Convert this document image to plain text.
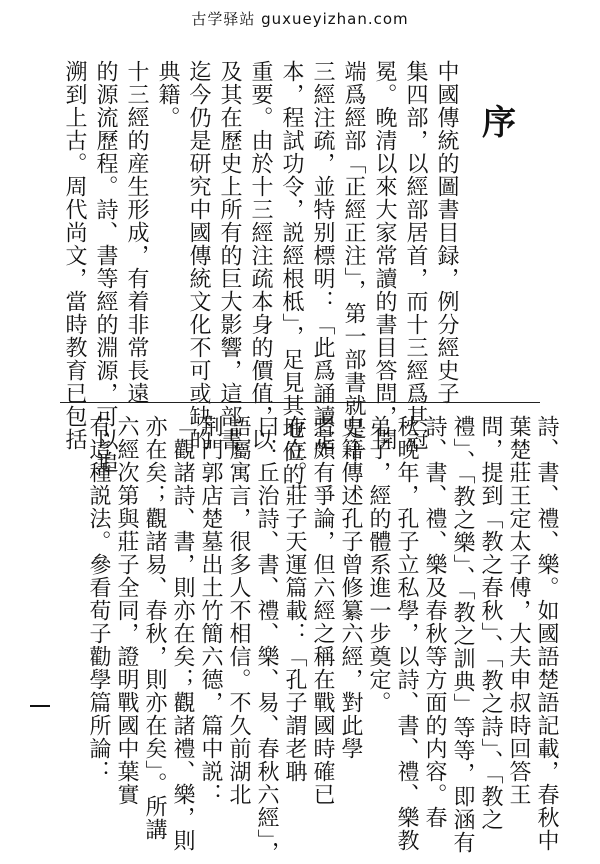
古学驿站 guxueyizhan.com
序
中國傳統的圖書目録，例分經史子
集四部，以經部居首，而十三經爲其冠
冕。晚清以來大家常讀的書目答問，開
端爲經部「正經正注」，第一部書就是十
三經注疏，並特别標明：「此爲誦讀定
本，程試功令，説經根柢」，足見其地位的
重要。由於十三經注疏本身的價值，以
及其在歷史上所有的巨大影響，這部書
迄今仍是研究中國傳統文化不可或缺的
典籍。
十三經的産生形成，有着非常長遠
的源流歷程。詩、書等經的淵源，可以追
溯到上古。周代尚文，當時教育已包括
詩、書、禮、樂。如國語楚語記載，春秋中
葉楚莊王定太子傅，大夫申叔時回答王
問，提到「教之春秋」、「教之詩」、「教之
禮」、「教之樂」、「教之訓典」等等，即涵有
詩、書、禮、樂及春秋等方面的内容。春
秋晚年，孔子立私學，以詩、書、禮、樂教
弟子，經的體系進一步奠定。
史籍傳述孔子曾修纂六經，對此學
者頗有爭論，但六經之稱在戰國時確已
存在。莊子天運篇載：「孔子謂老聃
曰：丘治詩、書、禮、樂、易、春秋六經」，
語屬寓言，很多人不相信。不久前湖北
荆門郭店楚墓出土竹簡六德，篇中説：
「觀諸詩、書，則亦在矣；觀諸禮、樂，則
亦在矣；觀諸易、春秋，則亦在矣」。所講
六經次第與莊子全同，證明戰國中葉實
有這種説法。參看荀子勸學篇所論：
